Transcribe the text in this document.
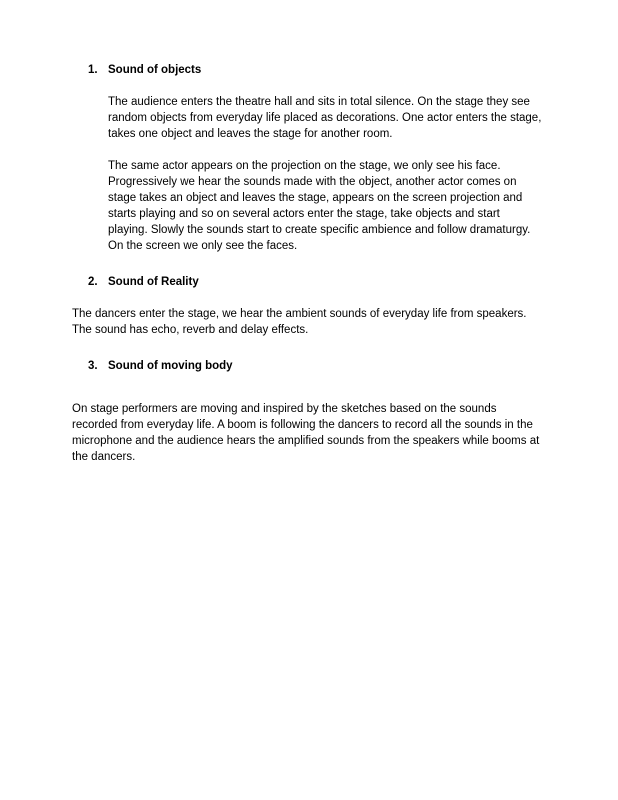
1. Sound of objects

The audience enters the theatre hall and sits in total silence. On the stage they see random objects from everyday life placed as decorations. One actor enters the stage, takes one object and leaves the stage for another room.

The same actor appears on the projection on the stage, we only see his face. Progressively we hear the sounds made with the object, another actor comes on stage takes an object and leaves the stage, appears on the screen projection and starts playing and so on several actors enter the stage, take objects and start playing. Slowly the sounds start to create specific ambience and follow dramaturgy. On the screen we only see the faces.

2. Sound of Reality

The dancers enter the stage, we hear the ambient sounds of everyday life from speakers. The sound has echo, reverb and delay effects.

3. Sound of moving body

On stage performers are moving and inspired by the sketches based on the sounds recorded from everyday life. A boom is following the dancers to record all the sounds in the microphone and the audience hears the amplified sounds from the speakers while booms at the dancers.
